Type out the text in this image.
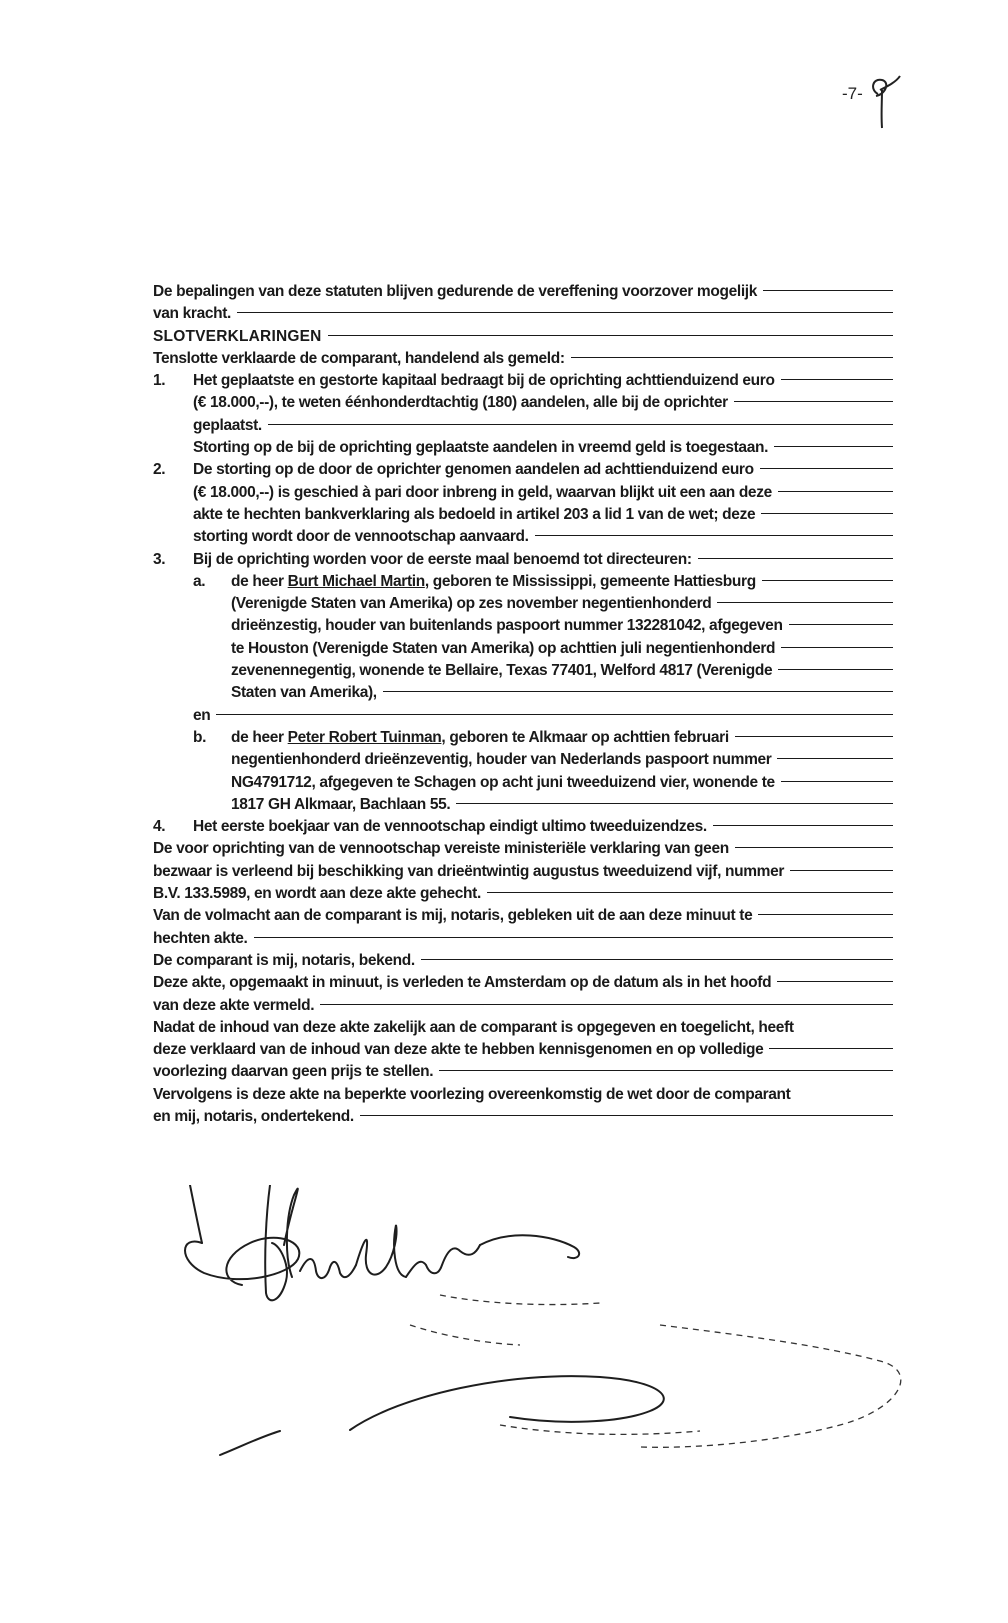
-7-
De bepalingen van deze statuten blijven gedurende de vereffening voorzover mogelijk
van kracht.
SLOTVERKLARINGEN
Tenslotte verklaarde de comparant, handelend als gemeld:
1.	Het geplaatste en gestorte kapitaal bedraagt bij de oprichting achttienduizend euro
(€ 18.000,--), te weten éénhonderdtachtig (180) aandelen, alle bij de oprichter
geplaatst.
Storting op de bij de oprichting geplaatste aandelen in vreemd geld is toegestaan.
2.	De storting op de door de oprichter genomen aandelen ad achttienduizend euro
(€ 18.000,--) is geschied à pari door inbreng in geld, waarvan blijkt uit een aan deze
akte te hechten bankverklaring als bedoeld in artikel 203 a lid 1 van de wet; deze
storting wordt door de vennootschap aanvaard.
3.	Bij de oprichting worden voor de eerste maal benoemd tot directeuren:
a.	de heer
Burt Michael Martin , geboren te Mississippi, gemeente Hattiesburg
(Verenigde Staten van Amerika) op zes november negentienhonderd
drieënzestig, houder van buitenlands paspoort nummer 132281042, afgegeven
te Houston (Verenigde Staten van Amerika) op achttien juli negentienhonderd
zevenennegentig, wonende te Bellaire, Texas 77401, Welford 4817 (Verenigde
Staten van Amerika),
en
b.	de heer
Peter Robert Tuinman , geboren te Alkmaar op achttien februari
negentienhonderd drieënzeventig, houder van Nederlands paspoort nummer
NG4791712, afgegeven te Schagen op acht juni tweeduizend vier, wonende te
1817 GH Alkmaar, Bachlaan 55.
4.	Het eerste boekjaar van de vennootschap eindigt ultimo tweeduizendzes.
De voor oprichting van de vennootschap vereiste ministeriële verklaring van geen
bezwaar is verleend bij beschikking van drieëntwintig augustus tweeduizend vijf, nummer
B.V. 133.5989, en wordt aan deze akte gehecht.
Van de volmacht aan de comparant is mij, notaris, gebleken uit de aan deze minuut te
hechten akte.
De comparant is mij, notaris, bekend.
Deze akte, opgemaakt in minuut, is verleden te Amsterdam op de datum als in het hoofd
van deze akte vermeld.
Nadat de inhoud van deze akte zakelijk aan de comparant is opgegeven en toegelicht, heeft
deze verklaard van de inhoud van deze akte te hebben kennisgenomen en op volledige
voorlezing daarvan geen prijs te stellen.
Vervolgens is deze akte na beperkte voorlezing overeenkomstig de wet door de comparant
en mij, notaris, ondertekend.
